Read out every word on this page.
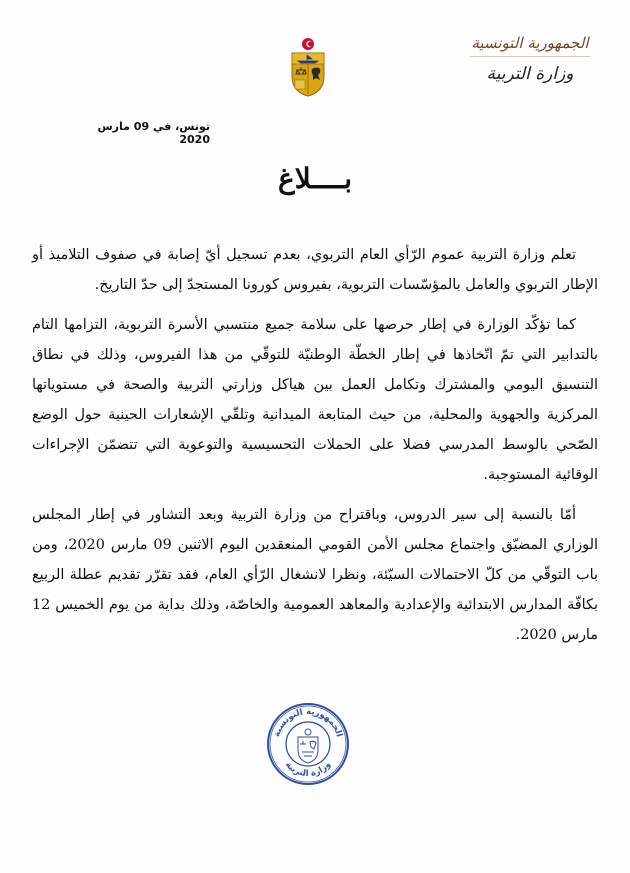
الجمهورية التونسية
وزارة التربية
تونس، في 09 مارس 2020
بــــلاغ

تعلم وزارة التربية عموم الرّأي العام التربوي، بعدم تسجيل أيّ إصابة في صفوف التلاميذ أو الإطار التربوي والعامل بالمؤسّسات التربوية، بفيروس كورونا المستجدّ إلى حدّ التاريخ.

كما تؤكّد الوزارة في إطار حرصها على سلامة جميع منتسبي الأسرة التربوية، التزامها التام بالتدابير التي تمّ اتّخاذها في إطار الخطّة الوطنيّة للتوقّي من هذا الفيروس، وذلك في نطاق التنسيق اليومي والمشترك وتكامل العمل بين هياكل وزارتي التربية والصحة في مستوياتها المركزية والجهوية والمحلية، من حيث المتابعة الميدانية وتلقّي الإشعارات الحينية حول الوضع الصّحي بالوسط المدرسي فضلا على الحملات التحسيسية والتوعوية التي تتضمّن الإجراءات الوقائية المستوجبة.

أمّا بالنسبة إلى سير الدروس، وباقتراح من وزارة التربية وبعد التشاور في إطار المجلس الوزاري المضيّق واجتماع مجلس الأمن القومي المنعقدين اليوم الاثنين 09 مارس 2020، ومن باب التوقّي من كلّ الاحتمالات السيّئة، ونظرا لانشغال الرّأي العام، فقد تقرّر تقديم عطلة الربيع بكافّة المدارس الابتدائية والإعدادية والمعاهد العمومية والخاصّة، وذلك بداية من يوم الخميس 12 مارس 2020.

الجمهورية التونسية
وزارة التربية
